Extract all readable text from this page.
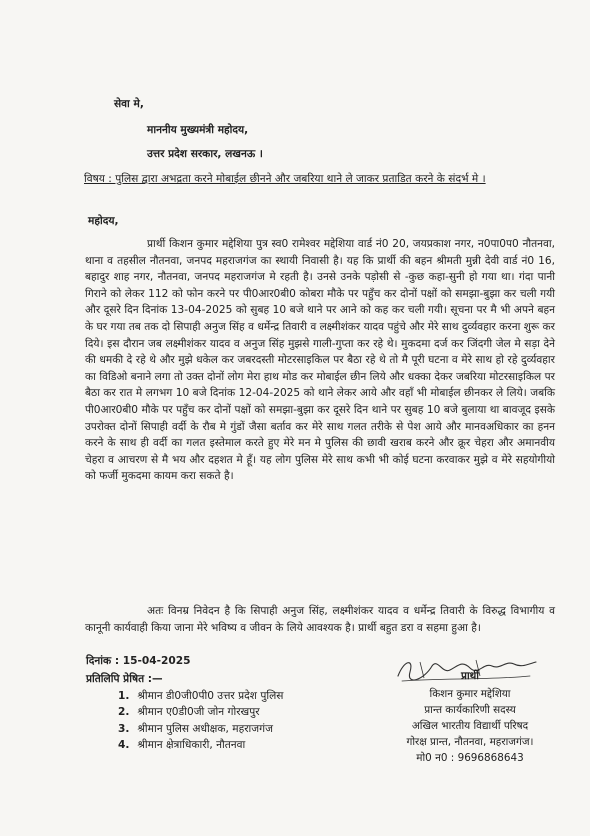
सेवा मे,
माननीय मुख्यमंत्री महोदय,
उत्तर प्रदेश सरकार, लखनऊ ।
विषय : पुलिस द्वारा अभद्रता करने मोबाईल छीनने और जबरिया थाने ले जाकर प्रताडित करने के संदर्भ मे ।
महोदय,
प्रार्थी किशन कुमार मद्देशिया पुत्र स्व0 रामेश्वर मद्देशिया वार्ड नं0 20, जयप्रकाश नगर, न0पा0प0 नौतनवा, थाना व तहसील नौतनवा, जनपद महराजगंज का स्थायी निवासी है। यह कि प्रार्थी की बहन श्रीमती मुन्नी देवी वार्ड नं0 16, बहादुर शाह नगर, नौतनवा, जनपद महराजगंज मे रहती है। उनसे उनके पड़ोसी से -कुछ कहा-सुनी हो गया था। गंदा पानी गिराने को लेकर 112 को फोन करने पर पी0आर0बी0 कोबरा मौके पर पहुँच कर दोनों पक्षों को समझा-बुझा कर चली गयी और दूसरे दिन दिनांक 13-04-2025 को सुबह 10 बजे थाने पर आने को कह कर चली गयी। सूचना पर मै भी अपने बहन के घर गया तब तक दो सिपाही अनुज सिंह व धर्मेन्द्र तिवारी व लक्ष्मीशंकर यादव पहुंचे और मेरे साथ दुर्व्यवहार करना शुरू कर दिये। इस दौरान जब लक्ष्मीशंकर यादव व अनुज सिंह मुझसे गाली-गुप्ता कर रहे थे। मुकदमा दर्ज कर जिंदगी जेल मे सड़ा देने की धमकी दे रहे थे और मुझे धकेल कर जबरदस्ती मोटरसाइकिल पर बैठा रहे थे तो मै पूरी घटना व मेरे साथ हो रहे दुर्व्यवहार का विडिओ बनाने लगा तो उक्त दोनों लोग मेरा हाथ मोड कर मोबाईल छीन लिये और धक्का देकर जबरिया मोटरसाइकिल पर बैठा कर रात मे लगभग 10 बजे दिनांक 12-04-2025 को थाने लेकर आये और वहाँ भी मोबाईल छीनकर ले लिये। जबकि पी0आर0बी0 मौके पर पहुँच कर दोनों पक्षों को समझा-बुझा कर दूसरे दिन थाने पर सुबह 10 बजे बुलाया था बावजूद इसके उपरोक्त दोनों सिपाही वर्दी के रौब मे गुंडों जैसा बर्ताव कर मेरे साथ गलत तरीके से पेश आये और मानवअधिकार का हनन करने के साथ ही वर्दी का गलत इस्तेमाल करते हुए मेरे मन मे पुलिस की छावी खराब करने और क्रूर चेहरा और अमानवीय चेहरा व आचरण से मै भय और दहशत मे हूँ। यह लोग पुलिस मेरे साथ कभी भी कोई घटना करवाकर मुझे व मेरे सहयोगीयो को फर्जी मुकदमा कायम करा सकते है।
अतः विनम्र निवेदन है कि सिपाही अनुज सिंह, लक्ष्मीशंकर यादव व धर्मेन्द्र तिवारी के विरुद्ध विभागीय व कानूनी कार्यवाही किया जाना मेरे भविष्य व जीवन के लिये आवश्यक है। प्रार्थी बहुत डरा व सहमा हुआ है।
दिनांक : 15-04-2025
प्रतिलिपि प्रेषित :—
1. श्रीमान डी0जी0पी0 उत्तर प्रदेश पुलिस
2. श्रीमान ए0डी0जी जोन गोरखपुर
3. श्रीमान पुलिस अधीक्षक, महराजगंज
4. श्रीमान क्षेत्राधिकारी, नौतनवा
प्रार्थी
किशन कुमार मद्देशिया
प्रान्त कार्यकारिणी सदस्य
अखिल भारतीय विद्यार्थी परिषद
गोरक्ष प्रान्त, नौतनवा, महराजगंज।
मो0 न0 : 9696868643
